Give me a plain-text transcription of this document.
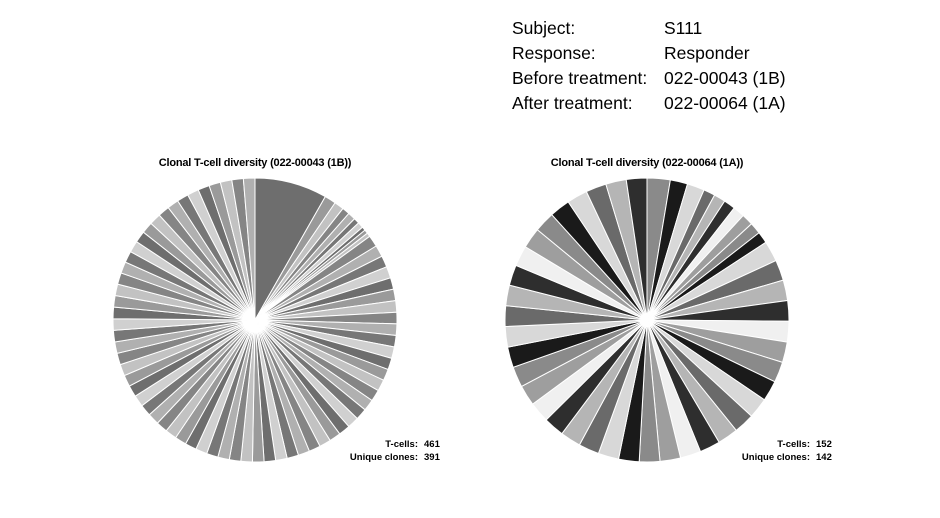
Subject:	S111
Response:	Responder
Before treatment: 022-00043 (1B)
After treatment:	022-00064 (1A)
Clonal T-cell diversity (022-00043 (1B))
T-cells: 461
Unique clones: 391
Clonal T-cell diversity (022-00064 (1A))
T-cells: 152
Unique clones: 142
